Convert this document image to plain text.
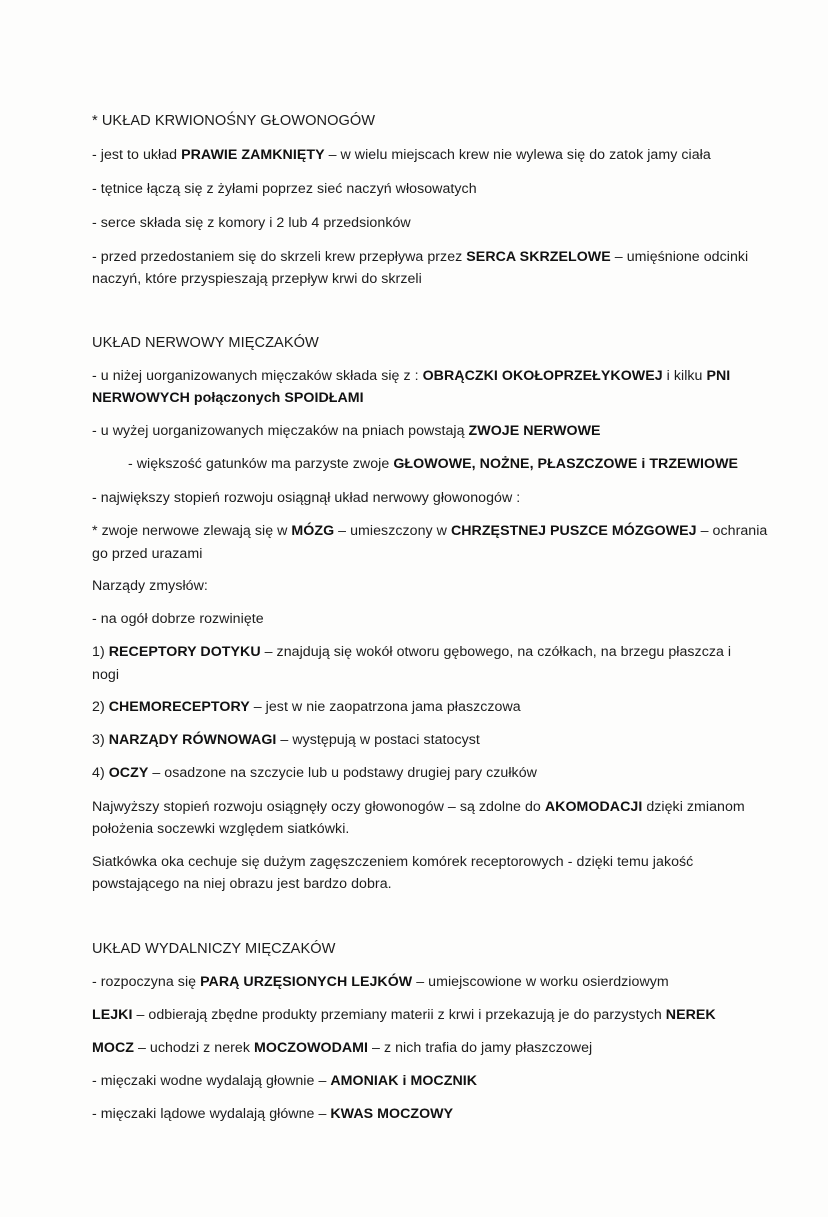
* UKŁAD KRWIONOŚNY GŁOWONOGÓW
- jest to układ PRAWIE ZAMKNIĘTY – w wielu miejscach krew nie wylewa się do zatok jamy ciała
- tętnice łączą się z żyłami poprzez sieć naczyń włosowatych
- serce składa się z komory i 2 lub 4 przedsionków
- przed przedostaniem się do skrzeli krew przepływa przez SERCA SKRZELOWE – umięśnione odcinki
naczyń, które przyspieszają przepływ krwi do skrzeli
UKŁAD NERWOWY MIĘCZAKÓW
- u niżej uorganizowanych mięczaków składa się z : OBRĄCZKI OKOŁOPRZEŁYKOWEJ i kilku PNI
NERWOWYCH połączonych SPOIDŁAMI
- u wyżej uorganizowanych mięczaków na pniach powstają ZWOJE NERWOWE
- większość gatunków ma parzyste zwoje GŁOWOWE, NOŻNE, PŁASZCZOWE i TRZEWIOWE
- największy stopień rozwoju osiągnął układ nerwowy głowonogów :
* zwoje nerwowe zlewają się w MÓZG – umieszczony w CHRZĘSTNEJ PUSZCE MÓZGOWEJ – ochrania
go przed urazami
Narządy zmysłów:
- na ogół dobrze rozwinięte
1) RECEPTORY DOTYKU – znajdują się wokół otworu gębowego, na czółkach, na brzegu płaszcza i
nogi
2) CHEMORECEPTORY – jest w nie zaopatrzona jama płaszczowa
3) NARZĄDY RÓWNOWAGI – występują w postaci statocyst
4) OCZY – osadzone na szczycie lub u podstawy drugiej pary czułków
Najwyższy stopień rozwoju osiągnęły oczy głowonogów – są zdolne do AKOMODACJI dzięki zmianom
położenia soczewki względem siatkówki.
Siatkówka oka cechuje się dużym zagęszczeniem komórek receptorowych - dzięki temu jakość
powstającego na niej obrazu jest bardzo dobra.
UKŁAD WYDALNICZY MIĘCZAKÓW
- rozpoczyna się PARĄ URZĘSIONYCH LEJKÓW – umiejscowione w worku osierdziowym
LEJKI – odbierają zbędne produkty przemiany materii z krwi i przekazują je do parzystych NEREK
MOCZ – uchodzi z nerek MOCZOWODAMI – z nich trafia do jamy płaszczowej
- mięczaki wodne wydalają głownie – AMONIAK i MOCZNIK
- mięczaki lądowe wydalają główne – KWAS MOCZOWY
